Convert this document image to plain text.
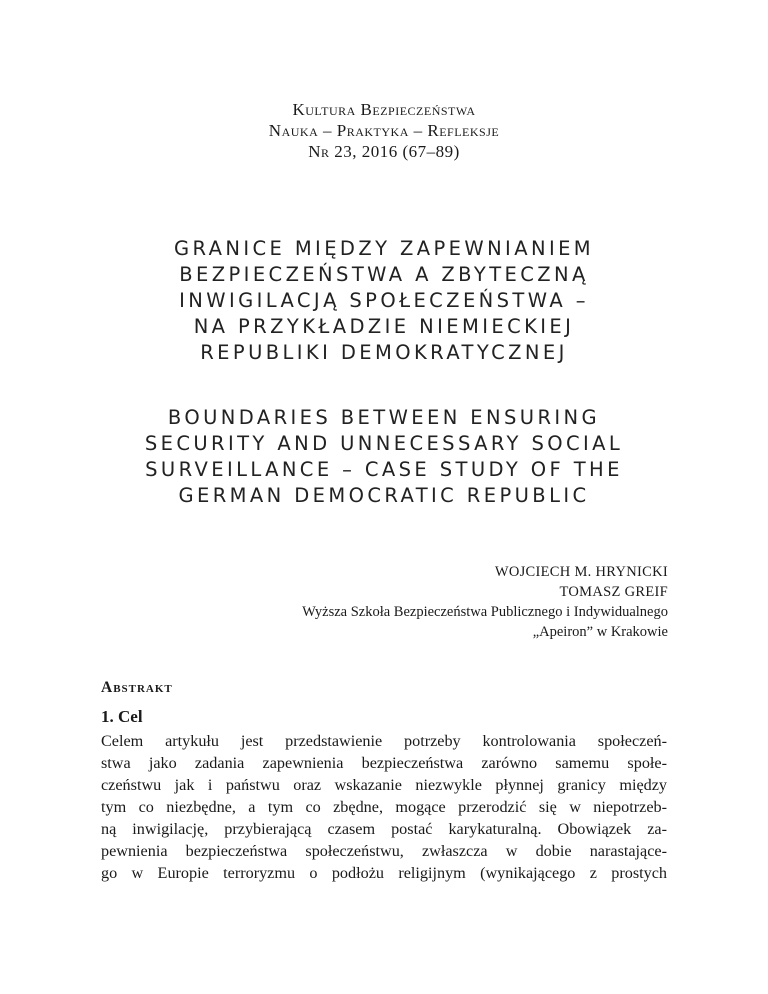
Kultura Bezpieczeństwa
Nauka – Praktyka – Refleksje
Nr 23, 2016 (67–89)
GRANICE MIĘDZY ZAPEWNIANIEM
BEZPIECZEŃSTWA A ZBYTECZNĄ
INWIGILACJĄ SPOŁECZEŃSTWA –
NA PRZYKŁADZIE NIEMIECKIEJ
REPUBLIKI DEMOKRATYCZNEJ
BOUNDARIES BETWEEN ENSURING
SECURITY AND UNNECESSARY SOCIAL
SURVEILLANCE – CASE STUDY OF THE
GERMAN DEMOCRATIC REPUBLIC
WOJCIECH M. HRYNICKI
TOMASZ GREIF
Wyższa Szkoła Bezpieczeństwa Publicznego i Indywidualnego
„Apeiron” w Krakowie
Abstrakt
1. Cel
Celem artykułu jest przedstawienie potrzeby kontrolowania społeczeń-
stwa jako zadania zapewnienia bezpieczeństwa zarówno samemu społe-
czeństwu jak i państwu oraz wskazanie niezwykle płynnej granicy między
tym co niezbędne, a tym co zbędne, mogące przerodzić się w niepotrzeb-
ną inwigilację, przybierającą czasem postać karykaturalną. Obowiązek za-
pewnienia bezpieczeństwa społeczeństwu, zwłaszcza w dobie narastające-
go w Europie terroryzmu o podłożu religijnym (wynikającego z prostych
